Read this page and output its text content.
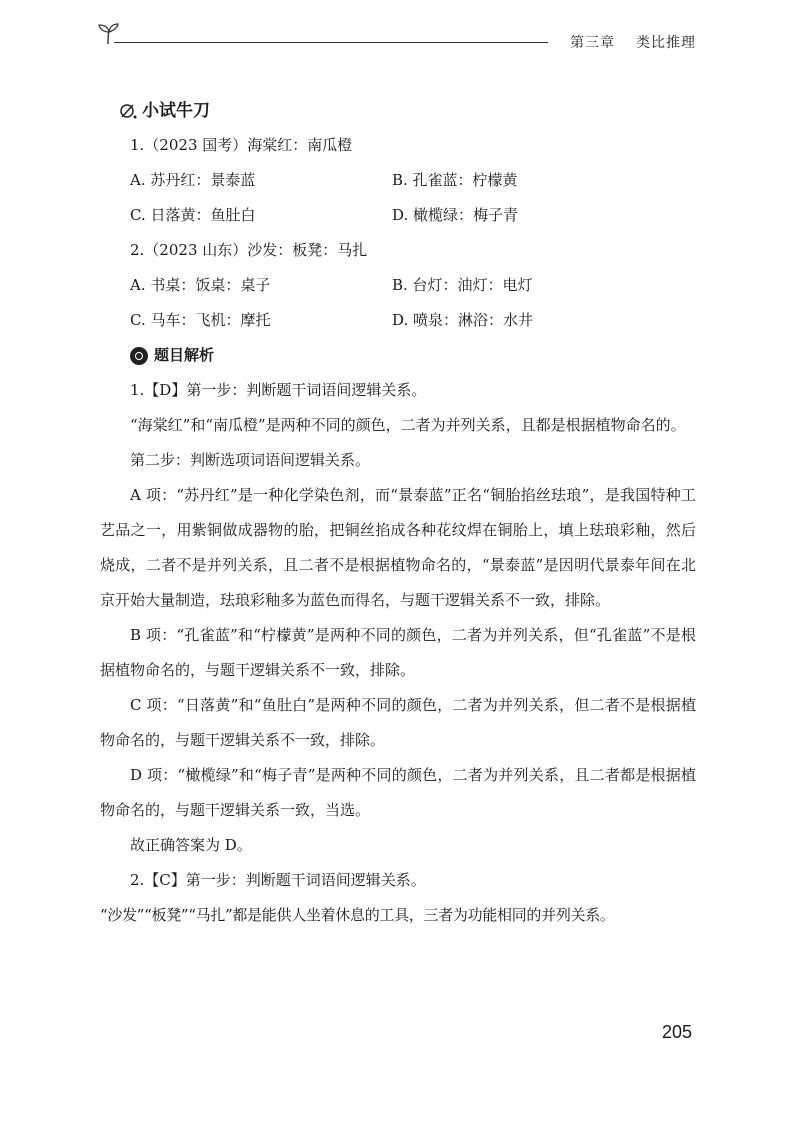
第三章 类比推理
小试牛刀
1.（2023 国考）海棠红：南瓜橙
A. 苏丹红：景泰蓝	B. 孔雀蓝：柠檬黄
C. 日落黄：鱼肚白	D. 橄榄绿：梅子青
2.（2023 山东）沙发：板凳：马扎
A. 书桌：饭桌：桌子	B. 台灯：油灯：电灯
C. 马车：飞机：摩托	D. 喷泉：淋浴：水井
题目解析
1.【D】第一步：判断题干词语间逻辑关系。

“海棠红”和“南瓜橙”是两种不同的颜色，二者为并列关系，且都是根据植物命名的。

第二步：判断选项词语间逻辑关系。

A 项：“苏丹红”是一种化学染色剂，而“景泰蓝”正名“铜胎掐丝珐琅”，是我国特种工艺品之一，用紫铜做成器物的胎，把铜丝掐成各种花纹焊在铜胎上，填上珐琅彩釉，然后烧成，二者不是并列关系，且二者不是根据植物命名的，“景泰蓝”是因明代景泰年间在北京开始大量制造，珐琅彩釉多为蓝色而得名，与题干逻辑关系不一致，排除。

B 项：“孔雀蓝”和“柠檬黄”是两种不同的颜色，二者为并列关系，但“孔雀蓝”不是根据植物命名的，与题干逻辑关系不一致，排除。

C 项：“日落黄”和“鱼肚白”是两种不同的颜色，二者为并列关系，但二者不是根据植物命名的，与题干逻辑关系不一致，排除。

D 项：“橄榄绿”和“梅子青”是两种不同的颜色，二者为并列关系，且二者都是根据植物命名的，与题干逻辑关系一致，当选。

故正确答案为 D。
2.【C】第一步：判断题干词语间逻辑关系。

“沙发”“板凳”“马扎”都是能供人坐着休息的工具，三者为功能相同的并列关系。

205
